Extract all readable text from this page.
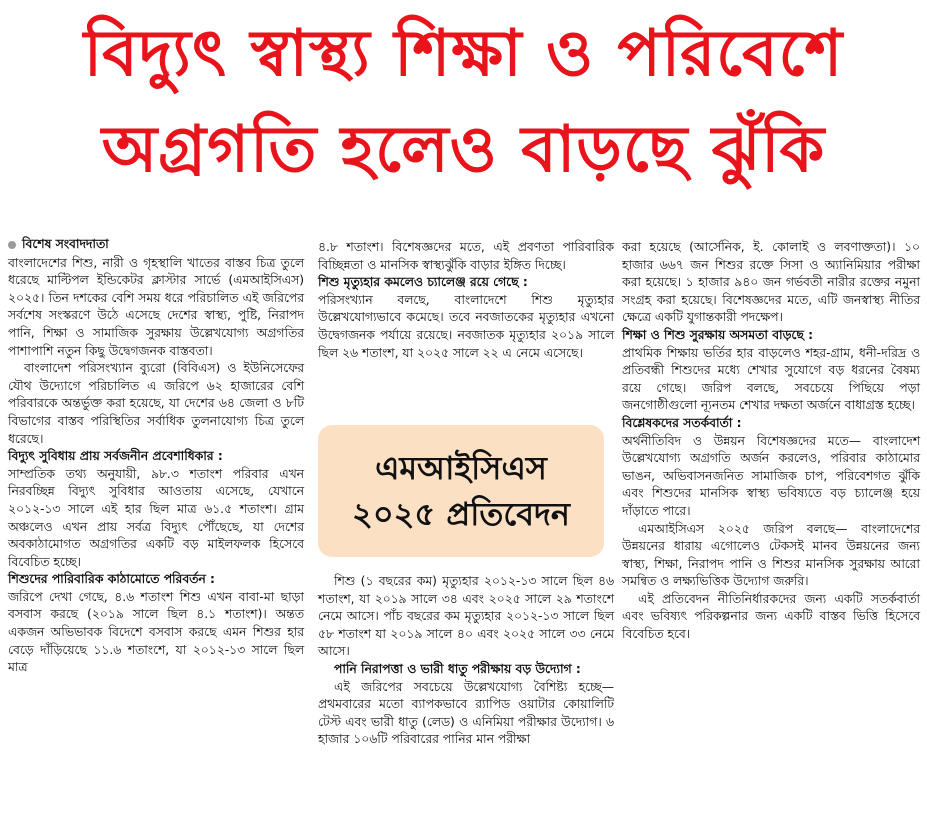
বিদ্যুৎ স্বাস্থ্য শিক্ষা ও পরিবেশে
অগ্রগতি হলেও বাড়ছে ঝুঁকি
বিশেষ সংবাদদাতা

বাংলাদেশের শিশু, নারী ও গৃহস্থালি খাতের বাস্তব চিত্র তুলে ধরেছে মাল্টিপল ইন্ডিকেটর ক্লাস্টার সার্ভে (এমআইসিএস) ২০২৫। তিন দশকের বেশি সময় ধরে পরিচালিত এই জরিপের সর্বশেষ সংস্করণে উঠে এসেছে দেশের স্বাস্থ্য, পুষ্টি, নিরাপদ পানি, শিক্ষা ও সামাজিক সুরক্ষায় উল্লেখযোগ্য অগ্রগতির পাশাপাশি নতুন কিছু উদ্বেগজনক বাস্তবতা।

বাংলাদেশ পরিসংখ্যান ব্যুরো (বিবিএস) ও ইউনিসেফের যৌথ উদ্যোগে পরিচালিত এ জরিপে ৬২ হাজারের বেশি পরিবারকে অন্তর্ভুক্ত করা হয়েছে, যা দেশের ৬৪ জেলা ও ৮টি বিভাগের বাস্তব পরিস্থিতির সর্বাধিক তুলনাযোগ্য চিত্র তুলে ধরেছে।

বিদ্যুৎ সুবিধায় প্রায় সর্বজনীন প্রবেশাধিকার :

সাম্প্রতিক তথ্য অনুযায়ী, ৯৮.৩ শতাংশ পরিবার এখন নিরবচ্ছিন্ন বিদ্যুৎ সুবিধার আওতায় এসেছে, যেখানে ২০১২-১৩ সালে এই হার ছিল মাত্র ৬১.৫ শতাংশ। গ্রাম অঞ্চলেও এখন প্রায় সর্বত্র বিদ্যুৎ পৌঁছেছে, যা দেশের অবকাঠামোগত অগ্রগতির একটি বড় মাইলফলক হিসেবে বিবেচিত হচ্ছে।

শিশুদের পারিবারিক কাঠামোতে পরিবর্তন :

জরিপে দেখা গেছে, ৪.৬ শতাংশ শিশু এখন বাবা-মা ছাড়া বসবাস করছে (২০১৯ সালে ছিল ৪.১ শতাংশ)। অন্তত একজন অভিভাবক বিদেশে বসবাস করছে এমন শিশুর হার বেড়ে দাঁড়িয়েছে ১১.৬ শতাংশে, যা ২০১২-১৩ সালে ছিল মাত্র

৪.৮ শতাংশ। বিশেষজ্ঞদের মতে, এই প্রবণতা পারিবারিক বিচ্ছিন্নতা ও মানসিক স্বাস্থ্যঝুঁকি বাড়ার ইঙ্গিত দিচ্ছে।

শিশু মৃত্যুহার কমলেও চ্যালেঞ্জ রয়ে গেছে :

পরিসংখ্যান বলছে, বাংলাদেশে শিশু মৃত্যুহার উল্লেখযোগ্যভাবে কমেছে। তবে নবজাতকের মৃত্যুহার এখনো উদ্বেগজনক পর্যায়ে রয়েছে। নবজাতক মৃত্যুহার ২০১৯ সালে ছিল ২৬ শতাংশ, যা ২০২৫ সালে ২২ এ নেমে এসেছে।

এমআইসিএস
২০২৫ প্রতিবেদন

শিশু (১ বছরের কম) মৃত্যুহার ২০১২-১৩ সালে ছিল ৪৬ শতাংশ, যা ২০১৯ সালে ৩৪ এবং ২০২৫ সালে ২৯ শতাংশে নেমে আসে। পাঁচ বছরের কম মৃত্যুহার ২০১২-১৩ সালে ছিল ৫৮ শতাংশ যা ২০১৯ সালে ৪০ এবং ২০২৫ সালে ৩৩ নেমে আসে।

পানি নিরাপত্তা ও ভারী ধাতু পরীক্ষায় বড় উদ্যোগ :

এই জরিপের সবচেয়ে উল্লেখযোগ্য বৈশিষ্ট্য হচ্ছে— প্রথমবারের মতো ব্যাপকভাবে র‍্যাপিড ওয়াটার কোয়ালিটি টেস্ট এবং ভারী ধাতু (লেড) ও এনিমিয়া পরীক্ষার উদ্যোগ। ৬ হাজার ১০৬টি পরিবারের পানির মান পরীক্ষা

করা হয়েছে (আর্সেনিক, ই. কোলাই ও লবণাক্ততা)। ১০ হাজার ৬৬৭ জন শিশুর রক্তে সিসা ও অ্যানিমিয়ার পরীক্ষা করা হয়েছে। ১ হাজার ৯৪০ জন গর্ভবতী নারীর রক্তের নমুনা সংগ্রহ করা হয়েছে। বিশেষজ্ঞদের মতে, এটি জনস্বাস্থ্য নীতির ক্ষেত্রে একটি যুগান্তকারী পদক্ষেপ।

শিক্ষা ও শিশু সুরক্ষায় অসমতা বাড়ছে :

প্রাথমিক শিক্ষায় ভর্তির হার বাড়লেও শহর-গ্রাম, ধনী-দরিদ্র ও প্রতিবন্ধী শিশুদের মধ্যে শেখার সুযোগে বড় ধরনের বৈষম্য রয়ে গেছে। জরিপ বলছে, সবচেয়ে পিছিয়ে পড়া জনগোষ্ঠীগুলো ন্যূনতম শেখার দক্ষতা অর্জনে বাধাগ্রস্ত হচ্ছে।

বিশ্লেষকদের সতর্কবার্তা :

অর্থনীতিবিদ ও উন্নয়ন বিশেষজ্ঞদের মতে— বাংলাদেশ উল্লেখযোগ্য অগ্রগতি অর্জন করলেও, পরিবার কাঠামোর ভাঙন, অভিবাসনজনিত সামাজিক চাপ, পরিবেশগত ঝুঁকি এবং শিশুদের মানসিক স্বাস্থ্য ভবিষ্যতে বড় চ্যালেঞ্জ হয়ে দাঁড়াতে পারে।

এমআইসিএস ২০২৫ জরিপ বলছে— বাংলাদেশের উন্নয়নের ধারায় এগোলেও টেকসই মানব উন্নয়নের জন্য স্বাস্থ্য, শিক্ষা, নিরাপদ পানি ও শিশুর মানসিক সুরক্ষায় আরো সমন্বিত ও লক্ষ্যভিত্তিক উদ্যোগ জরুরি।

এই প্রতিবেদন নীতিনির্ধারকদের জন্য একটি সতর্কবার্তা এবং ভবিষ্যৎ পরিকল্পনার জন্য একটি বাস্তব ভিত্তি হিসেবে বিবেচিত হবে।
